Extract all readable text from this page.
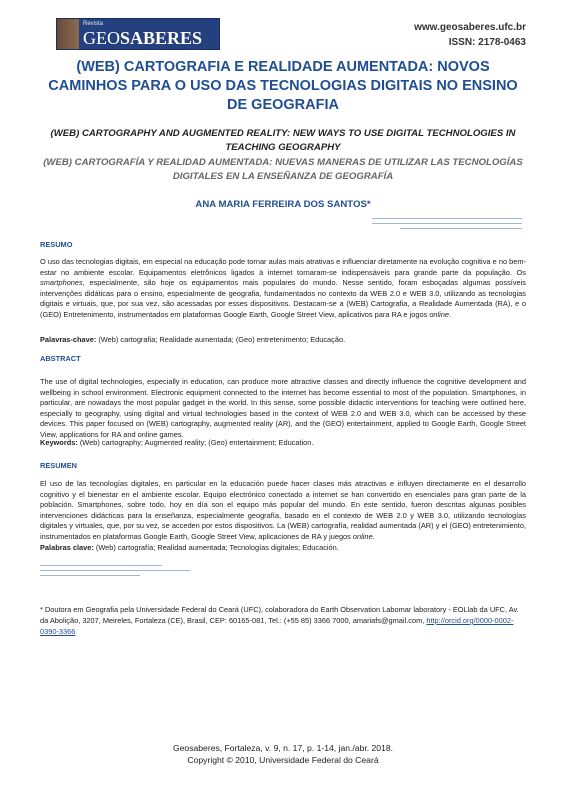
Revista
GEOSABERES
www.geosaberes.ufc.br
ISSN: 2178-0463
(WEB) CARTOGRAFIA E REALIDADE AUMENTADA: NOVOS CAMINHOS PARA O USO DAS TECNOLOGIAS DIGITAIS NO ENSINO DE GEOGRAFIA
(WEB) CARTOGRAPHY AND AUGMENTED REALITY: NEW WAYS TO USE DIGITAL TECHNOLOGIES IN TEACHING GEOGRAPHY
(WEB) CARTOGRAFÍA Y REALIDAD AUMENTADA: NUEVAS MANERAS DE UTILIZAR LAS TECNOLOGÍAS DIGITALES EN LA ENSEÑANZA DE GEOGRAFÍA
ANA MARIA FERREIRA DOS SANTOS*
RESUMO
O uso das tecnologias digitais, em especial na educação pode tornar aulas mais atrativas e influenciar diretamente na evolução cognitiva e no bem-estar no ambiente escolar. Equipamentos eletrônicos ligados à internet tornaram-se indispensáveis para grande parte da população. Os smartphones, especialmente, são hoje os equipamentos mais populares do mundo. Nesse sentido, foram esboçadas algumas possíveis intervenções didáticas para o ensino, especialmente de geografia, fundamentados no contexto da WEB 2.0 e WEB 3.0, utilizando as tecnologias digitais e virtuais, que, por sua vez, são acessadas por esses dispositivos. Destacam-se a (WEB) Cartografia, a Realidade Aumentada (RA), e o (GEO) Entretenimento, instrumentados em plataformas Google Earth, Google Street View, aplicativos para RA e jogos online.
Palavras-chave: (Web) cartografia; Realidade aumentada; (Geo) entretenimento; Educação.
ABSTRACT
The use of digital technologies, especially in education, can produce more attractive classes and directly influence the cognitive development and wellbeing in school environment. Electronic equipment connected to the internet has become essential to most of the population. Smartphones, in particular, are nowadays the most popular gadget in the world. In this sense, some possible didactic interventions for teaching were outlined here, especially to geography, using digital and virtual technologies based in the context of WEB 2.0 and WEB 3.0, which can be accessed by these devices. This paper focused on (WEB) cartography, augmented reality (AR), and the (GEO) entertainment, applied to Google Earth, Google Street View, applications for RA and online games.
Keywords: (Web) cartography; Augmented reality; (Geo) entertainment; Education.
RESUMEN
El uso de las tecnologías digitales, en particular en la educación puede hacer clases más atractivas e influyen directamente en el desarrollo cognitivo y el bienestar en el ambiente escolar. Equipo electrónico conectado a internet se han convertido en esenciales para gran parte de la población. Smartphones, sobre todo, hoy en día son el equipo más popular del mundo. En este sentido, fueron descritas algunas posibles intervenciones didácticas para la enseñanza, especialmente geografía, basado en el contexto de WEB 2.0 y WEB 3.0, utilizando tecnologías digitales y virtuales, que, por su vez, se acceden por estos dispositivos. La (WEB) cartografía, realidad aumentada (AR) y el (GEO) entretenimiento, instrumentados en plataformas Google Earth, Google Street View, aplicaciones de RA y juegos online.
Palabras clave: (Web) cartografía; Realidad aumentada; Tecnologías digitales; Educación.
* Doutora em Geografia pela Universidade Federal do Ceará (UFC), colaboradora do Earth Observation Labomar laboratory - EOLlab da UFC, Av. da Abolição, 3207, Meireles, Fortaleza (CE), Brasil, CEP: 60165-081, Tel.: (+55 85) 3366 7000, amariafs@gmail.com, http://orcid.org/0000-0002-0390-3366
Geosaberes, Fortaleza, v. 9, n. 17, p. 1-14, jan./abr. 2018.
Copyright © 2010, Universidade Federal do Ceará
